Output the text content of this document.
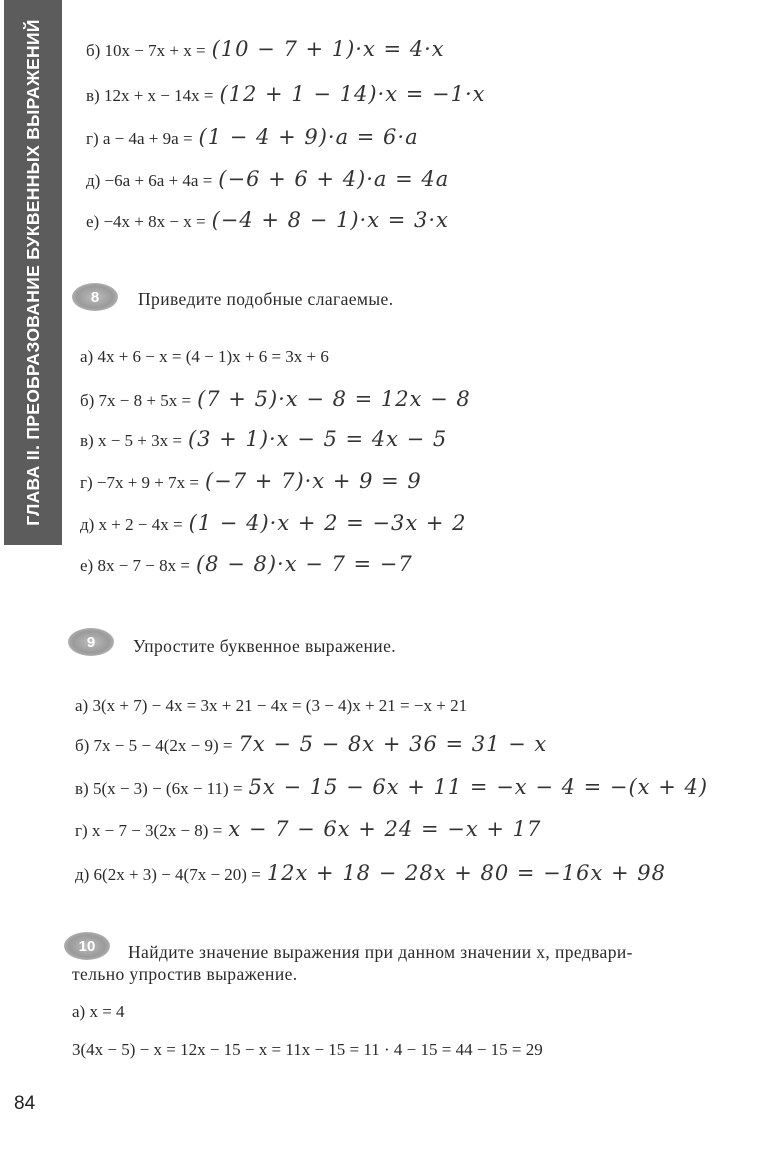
ГЛАВА II. ПРЕОБРАЗОВАНИЕ БУКВЕННЫХ ВЫРАЖЕНИЙ	б) 10x − 7x + x = (10 − 7 + 1)·x = 4·x
в) 12x + x − 14x = (12 + 1 − 14)·x = −1·x
г) a − 4a + 9a = (1 − 4 + 9)·a = 6·a
д) −6a + 6a + 4a = (−6 + 6 + 4)·a = 4a
е) −4x + 8x − x = (−4 + 8 − 1)·x = 3·x
8	Приведите подобные слагаемые.
а) 4x + 6 − x = (4 − 1)x + 6 = 3x + 6
б) 7x − 8 + 5x = (7 + 5)·x − 8 = 12x − 8
в) x − 5 + 3x = (3 + 1)·x − 5 = 4x − 5
г) −7x + 9 + 7x = (−7 + 7)·x + 9 = 9
д) x + 2 − 4x = (1 − 4)·x + 2 = −3x + 2
е) 8x − 7 − 8x = (8 − 8)·x − 7 = −7
9	Упростите буквенное выражение.
а) 3(x + 7) − 4x = 3x + 21 − 4x = (3 − 4)x + 21 = −x + 21
б) 7x − 5 − 4(2x − 9) = 7x − 5 − 8x + 36 = 31 − x
в) 5(x − 3) − (6x − 11) = 5x − 15 − 6x + 11 = −x − 4 = −(x + 4)
г) x − 7 − 3(2x − 8) = x − 7 − 6x + 24 = −x + 17
д) 6(2x + 3) − 4(7x − 20) = 12x + 18 − 28x + 80 = −16x + 98
10	Найдите значение выражения при данном значении x, предвари-
тельно упростив выражение.
а) x = 4
3(4x − 5) − x = 12x − 15 − x = 11x − 15 = 11 · 4 − 15 = 44 − 15 = 29
84
